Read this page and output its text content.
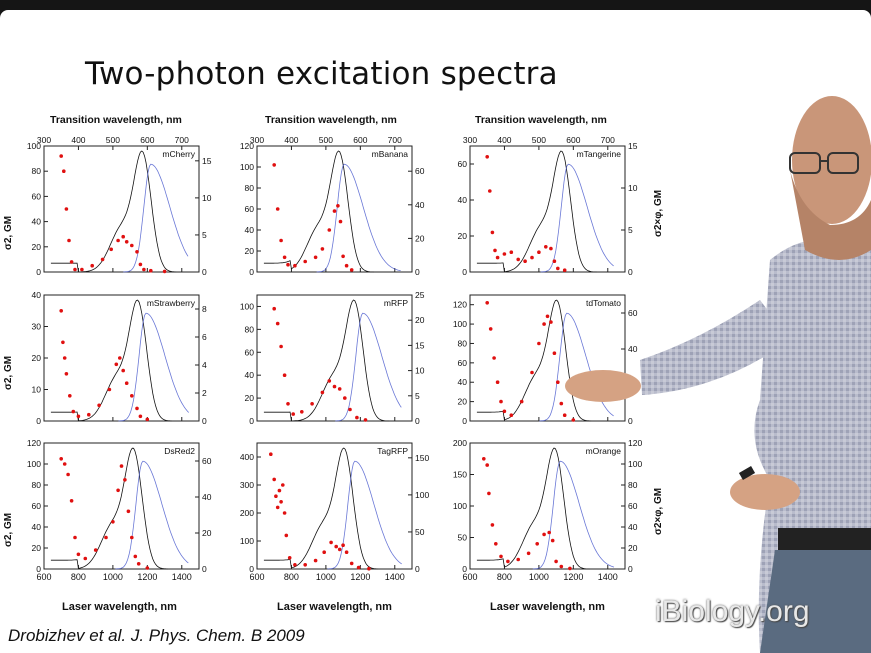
Two-photon excitation spectra
Transition wavelength, nm	Transition wavelength, nm	Transition wavelength, nm
σ2, GM
σ2, GM
σ2, GM
σ2×φ, GM
σ2×φ, GM
300 400 500 600 700
0
20
40
60
80
100
0
5
10
15
mCherry
300 400 500 600 700
0
20
40
60
80
100
120
0
20
40
60
mBanana
300 400 500 600 700
0
20
40
60
0
5
10
15
mTangerine
0
10
20
30
40
0
2
4
6
8
mStrawberry
0
20
40
60
80
100
0
5
10
15
20
25
mRFP
0
20
40
60
80
100
120
0
40
60
tdTomato
600 800 1000 1200 1400
0
20
40
60
80
100
120
0
20
40
60
DsRed2
600 800 1000 1200 1400
0
100
200
300
400
0
50
100
150
TagRFP
600 800 1000 1200 1400
0
50
100
150
200
0
20
40
60
80
100
120
mOrange
Laser wavelength, nm	Laser wavelength, nm	Laser wavelength, nm
Drobizhev et al. J. Phys. Chem. B 2009
iBiology.org
